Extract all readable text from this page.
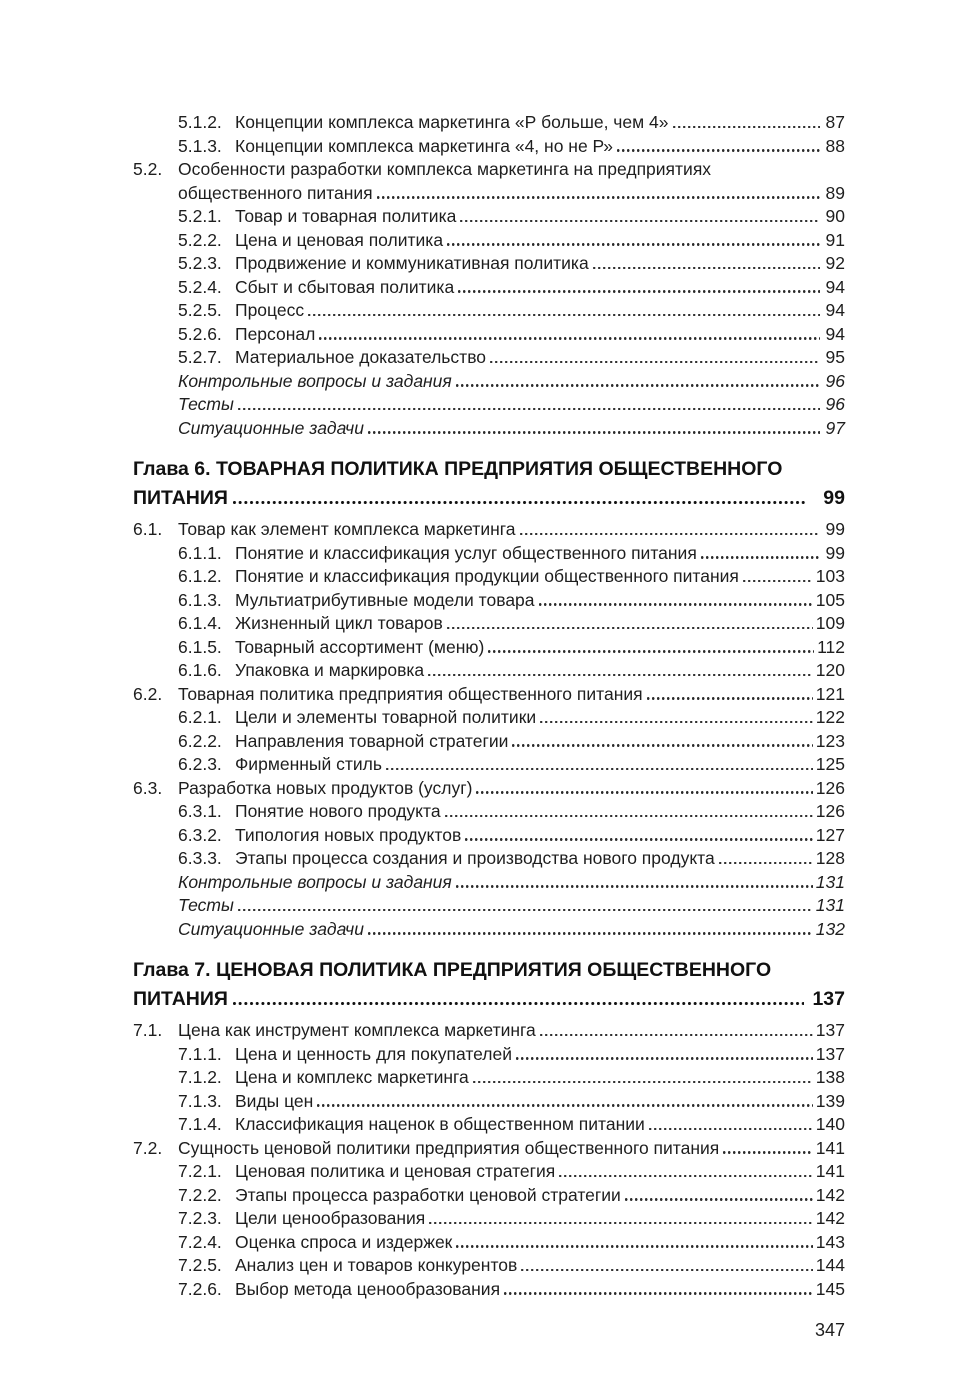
5.1.2. Концепции комплекса маркетинга «Р больше, чем 4»	87
5.1.3. Концепции комплекса маркетинга «4, но не Р»	88
5.2. Особенности разработки комплекса маркетинга на предприятиях
общественного питания	89
5.2.1. Товар и товарная политика	90
5.2.2. Цена и ценовая политика	91
5.2.3. Продвижение и коммуникативная политика	92
5.2.4. Сбыт и сбытовая политика	94
5.2.5. Процесс	94
5.2.6. Персонал	94
5.2.7. Материальное доказательство	95
Контрольные вопросы и задания	96
Тесты	96
Ситуационные задачи	97
Глава 6. ТОВАРНАЯ ПОЛИТИКА ПРЕДПРИЯТИЯ ОБЩЕСТВЕННОГО
ПИТАНИЯ	99
6.1. Товар как элемент комплекса маркетинга	99
6.1.1. Понятие и классификация услуг общественного питания	99
6.1.2. Понятие и классификация продукции общественного питания	103
6.1.3. Мультиатрибутивные модели товара	105
6.1.4. Жизненный цикл товаров	109
6.1.5. Товарный ассортимент (меню)	112
6.1.6. Упаковка и маркировка	120
6.2. Товарная политика предприятия общественного питания	121
6.2.1. Цели и элементы товарной политики	122
6.2.2. Направления товарной стратегии	123
6.2.3. Фирменный стиль	125
6.3. Разработка новых продуктов (услуг)	126
6.3.1. Понятие нового продукта	126
6.3.2. Типология новых продуктов	127
6.3.3. Этапы процесса создания и производства нового продукта	128
Контрольные вопросы и задания	131
Тесты	131
Ситуационные задачи	132
Глава 7. ЦЕНОВАЯ ПОЛИТИКА ПРЕДПРИЯТИЯ ОБЩЕСТВЕННОГО
ПИТАНИЯ	137
7.1. Цена как инструмент комплекса маркетинга	137
7.1.1. Цена и ценность для покупателей	137
7.1.2. Цена и комплекс маркетинга	138
7.1.3. Виды цен	139
7.1.4. Классификация наценок в общественном питании	140
7.2. Сущность ценовой политики предприятия общественного питания	141
7.2.1. Ценовая политика и ценовая стратегия	141
7.2.2. Этапы процесса разработки ценовой стратегии	142
7.2.3. Цели ценообразования	142
7.2.4. Оценка спроса и издержек	143
7.2.5. Анализ цен и товаров конкурентов	144
7.2.6. Выбор метода ценообразования	145
347
